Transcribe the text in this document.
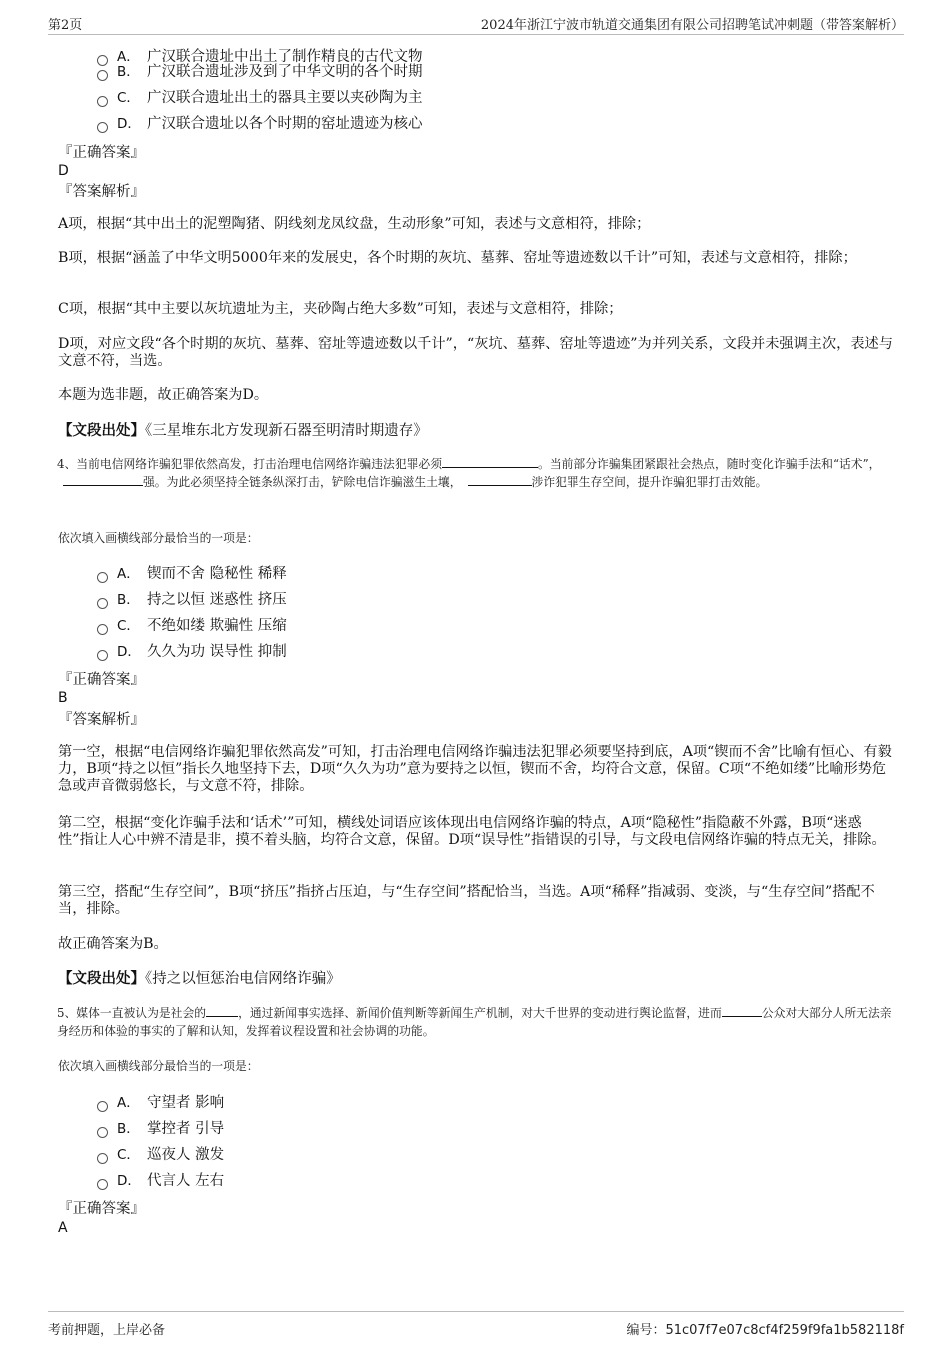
第2页	2024年浙江宁波市轨道交通集团有限公司招聘笔试冲刺题（带答案解析）
A． 广汉联合遗址中出土了制作精良的古代文物
B． 广汉联合遗址涉及到了中华文明的各个时期
C． 广汉联合遗址出土的器具主要以夹砂陶为主
D． 广汉联合遗址以各个时期的窑址遗迹为核心
『正确答案』
D
『答案解析』
A项，根据“其中出土的泥塑陶猪、阴线刻龙凤纹盘，生动形象”可知，表述与文意相符，排除；
B项，根据“涵盖了中华文明5000年来的发展史，各个时期的灰坑、墓葬、窑址等遗迹数以千计”可知，表述与文意相符，排除；
C项，根据“其中主要以灰坑遗址为主，夹砂陶占绝大多数”可知，表述与文意相符，排除；
D项，对应文段“各个时期的灰坑、墓葬、窑址等遗迹数以千计”，“灰坑、墓葬、窑址等遗迹”为并列关系，文段并未强调主次，表述与文意不符，当选。
本题为选非题，故正确答案为D。
【文段出处】《三星堆东北方发现新石器至明清时期遗存》
4、当前电信网络诈骗犯罪依然高发，打击治理电信网络诈骗违法犯罪必须	。当前部分诈骗集团紧跟社会热点，随时变化诈骗手法和“话术”，强。为此必须坚持全链条纵深打击，铲除电信诈骗滋生土壤，	涉诈犯罪生存空间，提升诈骗犯罪打击效能。
依次填入画横线部分最恰当的一项是：
A． 锲而不舍 隐秘性 稀释
B． 持之以恒 迷惑性 挤压
C． 不绝如缕 欺骗性 压缩
D． 久久为功 误导性 抑制
『正确答案』
B
『答案解析』
第一空，根据“电信网络诈骗犯罪依然高发”可知，打击治理电信网络诈骗违法犯罪必须要坚持到底，A项“锲而不舍”比喻有恒心、有毅力，B项“持之以恒”指长久地坚持下去，D项“久久为功”意为要持之以恒，锲而不舍，均符合文意，保留。C项“不绝如缕”比喻形势危急或声音微弱悠长，与文意不符，排除。
第二空，根据“变化诈骗手法和‘话术’”可知，横线处词语应该体现出电信网络诈骗的特点，A项“隐秘性”指隐蔽不外露，B项“迷惑性”指让人心中辨不清是非，摸不着头脑，均符合文意，保留。D项“误导性”指错误的引导，与文段电信网络诈骗的特点无关，排除。
第三空，搭配“生存空间”，B项“挤压”指挤占压迫，与“生存空间”搭配恰当，当选。A项“稀释”指减弱、变淡，与“生存空间”搭配不当，排除。
故正确答案为B。
【文段出处】《持之以恒惩治电信网络诈骗》
5、媒体一直被认为是社会的	，通过新闻事实选择、新闻价值判断等新闻生产机制，对大千世界的变动进行舆论监督，进而	公众对大部分人所无法亲身经历和体验的事实的了解和认知，发挥着议程设置和社会协调的功能。
依次填入画横线部分最恰当的一项是：
A． 守望者 影响
B． 掌控者 引导
C． 巡夜人 激发
D． 代言人 左右
『正确答案』
A
考前押题，上岸必备	编号：51c07f7e07c8cf4f259f9fa1b582118f
